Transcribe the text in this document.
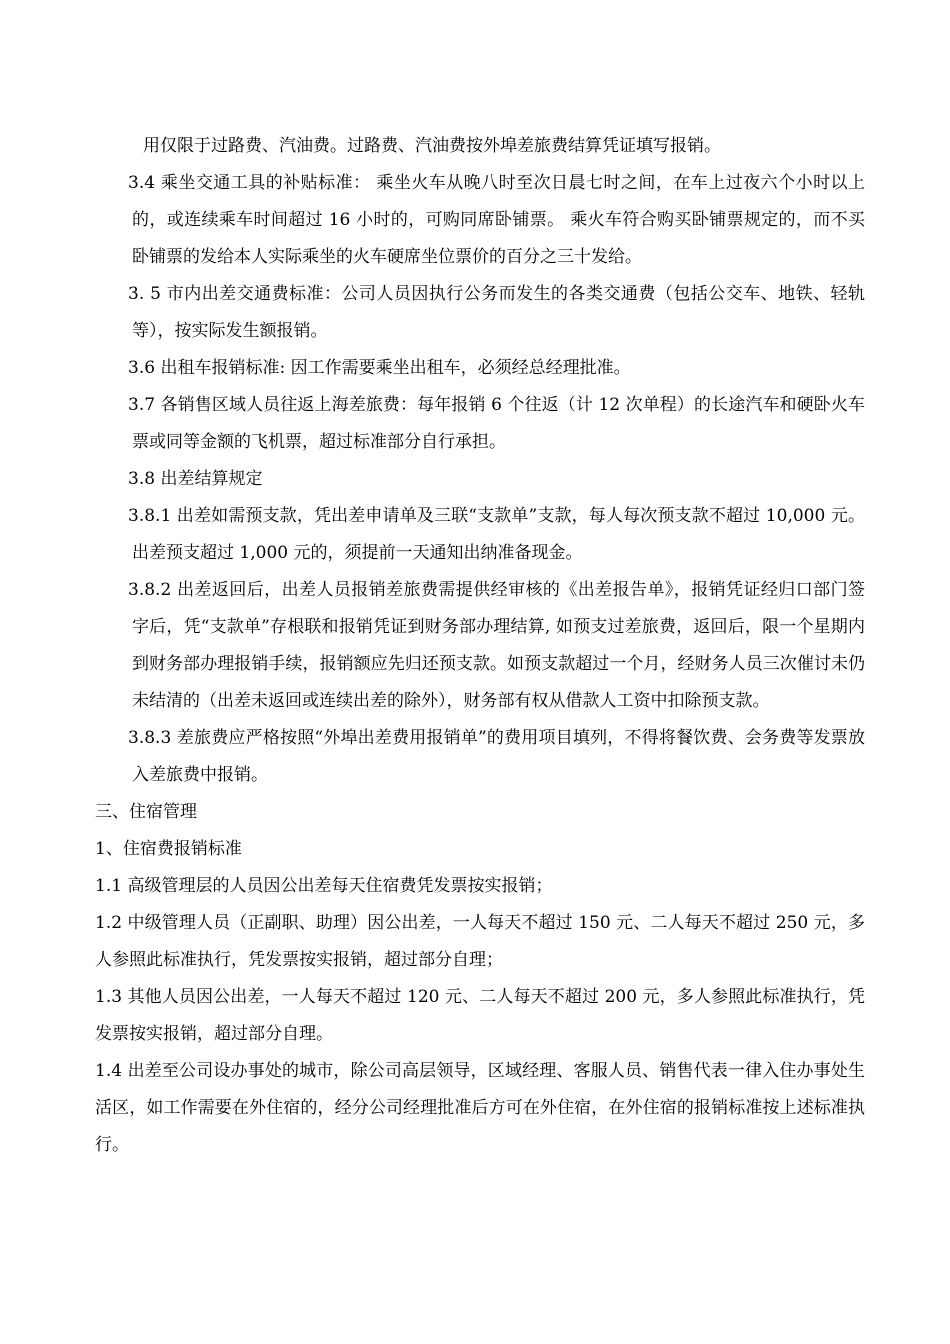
用仅限于过路费、汽油费。过路费、汽油费按外埠差旅费结算凭证填写报销。

3.4 乘坐交通工具的补贴标准： 乘坐火车从晚八时至次日晨七时之间，在车上过夜六个小时以上的，或连续乘车时间超过 16 小时的，可购同席卧铺票。 乘火车符合购买卧铺票规定的，而不买卧铺票的发给本人实际乘坐的火车硬席坐位票价的百分之三十发给。

3. 5 市内出差交通费标准：公司人员因执行公务而发生的各类交通费（包括公交车、地铁、轻轨等），按实际发生额报销。

3.6 出租车报销标准: 因工作需要乘坐出租车，必须经总经理批准。

3.7 各销售区域人员往返上海差旅费：每年报销 6 个往返（计 12 次单程）的长途汽车和硬卧火车票或同等金额的飞机票，超过标准部分自行承担。

3.8 出差结算规定

3.8.1 出差如需预支款，凭出差申请单及三联“支款单”支款，每人每次预支款不超过 10,000 元。出差预支超过 1,000 元的，须提前一天通知出纳准备现金。

3.8.2 出差返回后，出差人员报销差旅费需提供经审核的《出差报告单》，报销凭证经归口部门签字后，凭“支款单”存根联和报销凭证到财务部办理结算, 如预支过差旅费，返回后，限一个星期内到财务部办理报销手续，报销额应先归还预支款。如预支款超过一个月，经财务人员三次催讨未仍未结清的（出差未返回或连续出差的除外），财务部有权从借款人工资中扣除预支款。

3.8.3 差旅费应严格按照“外埠出差费用报销单”的费用项目填列，不得将餐饮费、会务费等发票放入差旅费中报销。

三、住宿管理

1、住宿费报销标准

1.1 高级管理层的人员因公出差每天住宿费凭发票按实报销；

1.2 中级管理人员（正副职、助理）因公出差，一人每天不超过 150 元、二人每天不超过 250 元，多人参照此标准执行，凭发票按实报销，超过部分自理；

1.3 其他人员因公出差，一人每天不超过 120 元、二人每天不超过 200 元，多人参照此标准执行，凭发票按实报销，超过部分自理。

1.4 出差至公司设办事处的城市，除公司高层领导，区域经理、客服人员、销售代表一律入住办事处生活区，如工作需要在外住宿的，经分公司经理批准后方可在外住宿，在外住宿的报销标准按上述标准执行。
